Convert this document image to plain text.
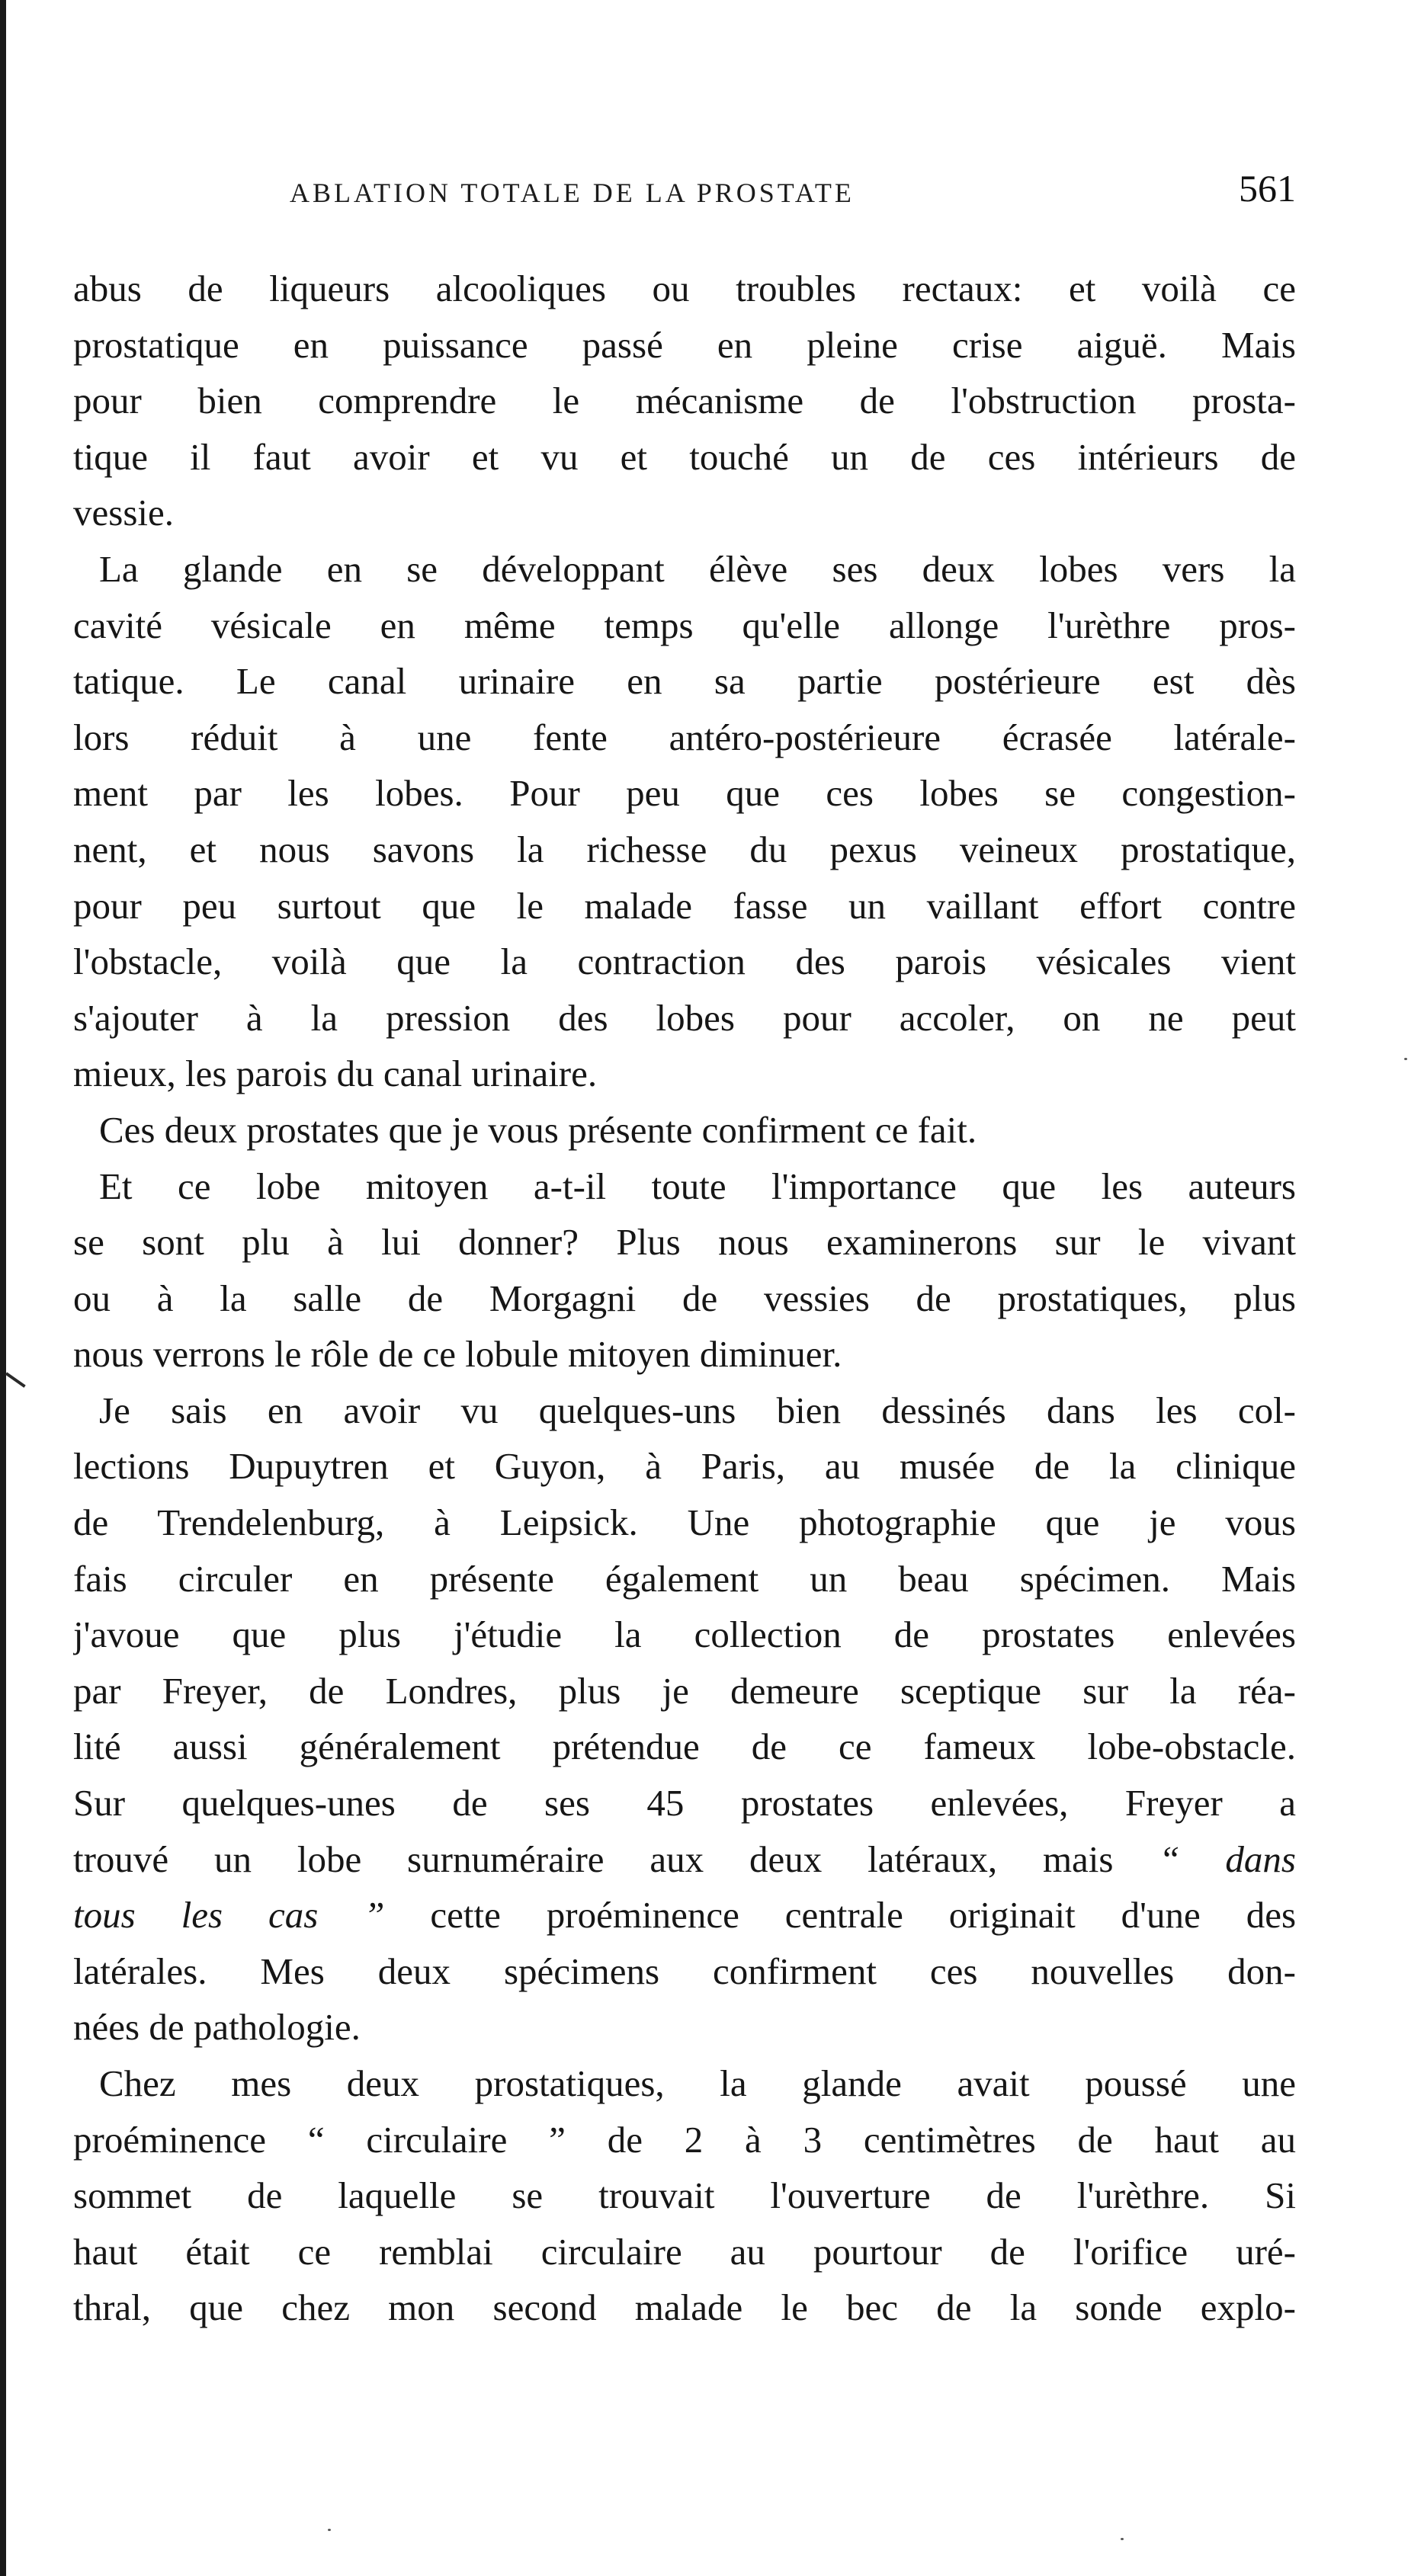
ABLATION TOTALE DE LA PROSTATE	561
abus de liqueurs alcooliques ou troubles rectaux: et voilà ce
prostatique en puissance passé en pleine crise aiguë. Mais
pour bien comprendre le mécanisme de l'obstruction prosta-
tique il faut avoir et vu et touché un de ces intérieurs de
vessie.
La glande en se développant élève ses deux lobes vers la
cavité vésicale en même temps qu'elle allonge l'urèthre pros-
tatique. Le canal urinaire en sa partie postérieure est dès
lors réduit à une fente antéro-postérieure écrasée latérale-
ment par les lobes. Pour peu que ces lobes se congestion-
nent, et nous savons la richesse du pexus veineux prostatique,
pour peu surtout que le malade fasse un vaillant effort contre
l'obstacle, voilà que la contraction des parois vésicales vient
s'ajouter à la pression des lobes pour accoler, on ne peut
mieux, les parois du canal urinaire.
Ces deux prostates que je vous présente confirment ce fait.
Et ce lobe mitoyen a-t-il toute l'importance que les auteurs
se sont plu à lui donner? Plus nous examinerons sur le vivant
ou à la salle de Morgagni de vessies de prostatiques, plus
nous verrons le rôle de ce lobule mitoyen diminuer.
Je sais en avoir vu quelques-uns bien dessinés dans les col-
lections Dupuytren et Guyon, à Paris, au musée de la clinique
de Trendelenburg, à Leipsick. Une photographie que je vous
fais circuler en présente également un beau spécimen. Mais
j'avoue que plus j'étudie la collection de prostates enlevées
par Freyer, de Londres, plus je demeure sceptique sur la réa-
lité aussi généralement prétendue de ce fameux lobe-obstacle.
Sur quelques-unes de ses 45 prostates enlevées, Freyer a
trouvé un lobe surnuméraire aux deux latéraux, mais “ dans
tous les cas ” cette proéminence centrale originait d'une des
latérales. Mes deux spécimens confirment ces nouvelles don-
nées de pathologie.
Chez mes deux prostatiques, la glande avait poussé une
proéminence “ circulaire ” de 2 à 3 centimètres de haut au
sommet de laquelle se trouvait l'ouverture de l'urèthre. Si
haut était ce remblai circulaire au pourtour de l'orifice uré-
thral, que chez mon second malade le bec de la sonde explo-
